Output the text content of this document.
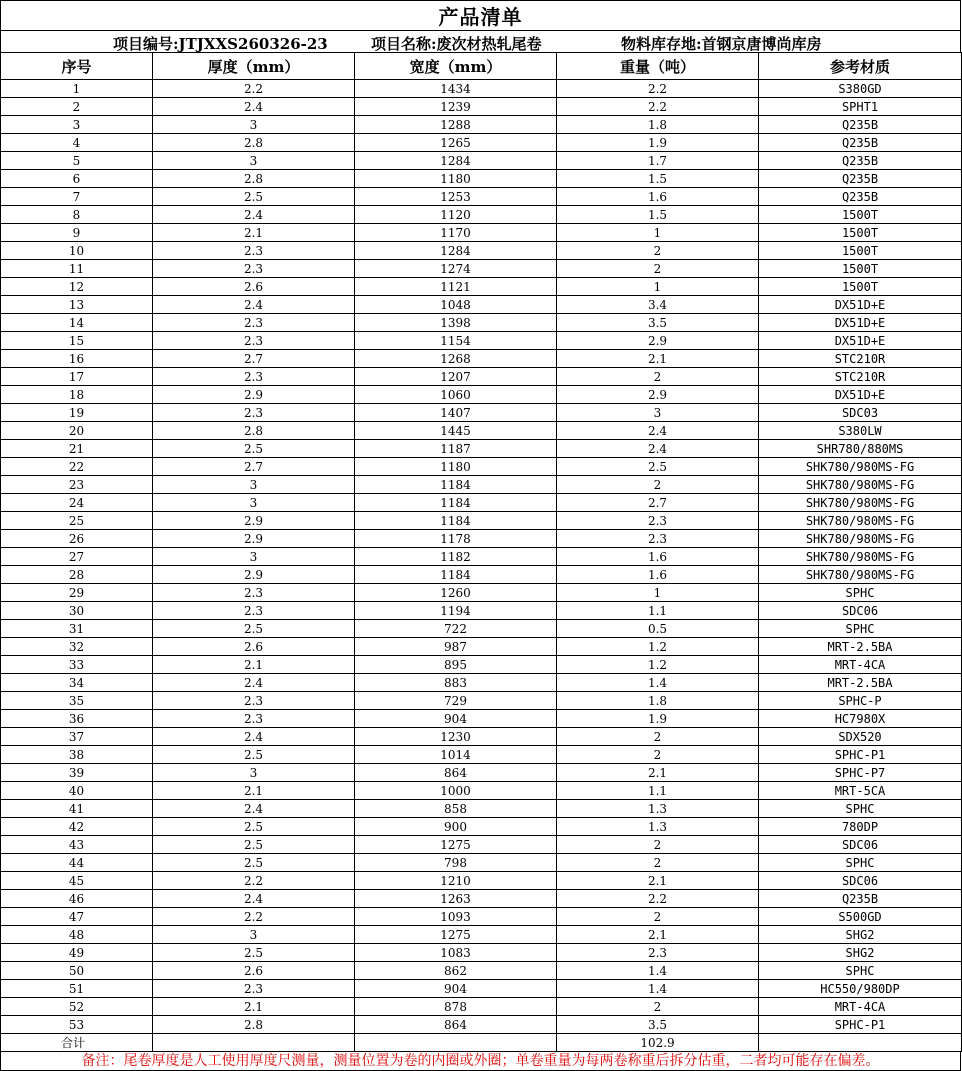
产品清单
项目编号:JTJXXS260326-23	项目名称:废次材热轧尾卷	物料库存地:首钢京唐博尚库房
序号	厚度（mm）	宽度（mm）	重量（吨）	参考材质
1	2.2	1434	2.2	S380GD
2	2.4	1239	2.2	SPHT1
3	3	1288	1.8	Q235B
4	2.8	1265	1.9	Q235B
5	3	1284	1.7	Q235B
6	2.8	1180	1.5	Q235B
7	2.5	1253	1.6	Q235B
8	2.4	1120	1.5	1500T
9	2.1	1170	1	1500T
10	2.3	1284	2	1500T
11	2.3	1274	2	1500T
12	2.6	1121	1	1500T
13	2.4	1048	3.4	DX51D+E
14	2.3	1398	3.5	DX51D+E
15	2.3	1154	2.9	DX51D+E
16	2.7	1268	2.1	STC210R
17	2.3	1207	2	STC210R
18	2.9	1060	2.9	DX51D+E
19	2.3	1407	3	SDC03
20	2.8	1445	2.4	S380LW
21	2.5	1187	2.4	SHR780/880MS
22	2.7	1180	2.5	SHK780/980MS-FG
23	3	1184	2	SHK780/980MS-FG
24	3	1184	2.7	SHK780/980MS-FG
25	2.9	1184	2.3	SHK780/980MS-FG
26	2.9	1178	2.3	SHK780/980MS-FG
27	3	1182	1.6	SHK780/980MS-FG
28	2.9	1184	1.6	SHK780/980MS-FG
29	2.3	1260	1	SPHC
30	2.3	1194	1.1	SDC06
31	2.5	722	0.5	SPHC
32	2.6	987	1.2	MRT-2.5BA
33	2.1	895	1.2	MRT-4CA
34	2.4	883	1.4	MRT-2.5BA
35	2.3	729	1.8	SPHC-P
36	2.3	904	1.9	HC7980X
37	2.4	1230	2	SDX520
38	2.5	1014	2	SPHC-P1
39	3	864	2.1	SPHC-P7
40	2.1	1000	1.1	MRT-5CA
41	2.4	858	1.3	SPHC
42	2.5	900	1.3	780DP
43	2.5	1275	2	SDC06
44	2.5	798	2	SPHC
45	2.2	1210	2.1	SDC06
46	2.4	1263	2.2	Q235B
47	2.2	1093	2	S500GD
48	3	1275	2.1	SHG2
49	2.5	1083	2.3	SHG2
50	2.6	862	1.4	SPHC
51	2.3	904	1.4	HC550/980DP
52	2.1	878	2	MRT-4CA
53	2.8	864	3.5	SPHC-P1
合计			102.9	
备注：尾卷厚度是人工使用厚度尺测量，测量位置为卷的内圈或外圈；单卷重量为每两卷称重后拆分估重，二者均可能存在偏差。
